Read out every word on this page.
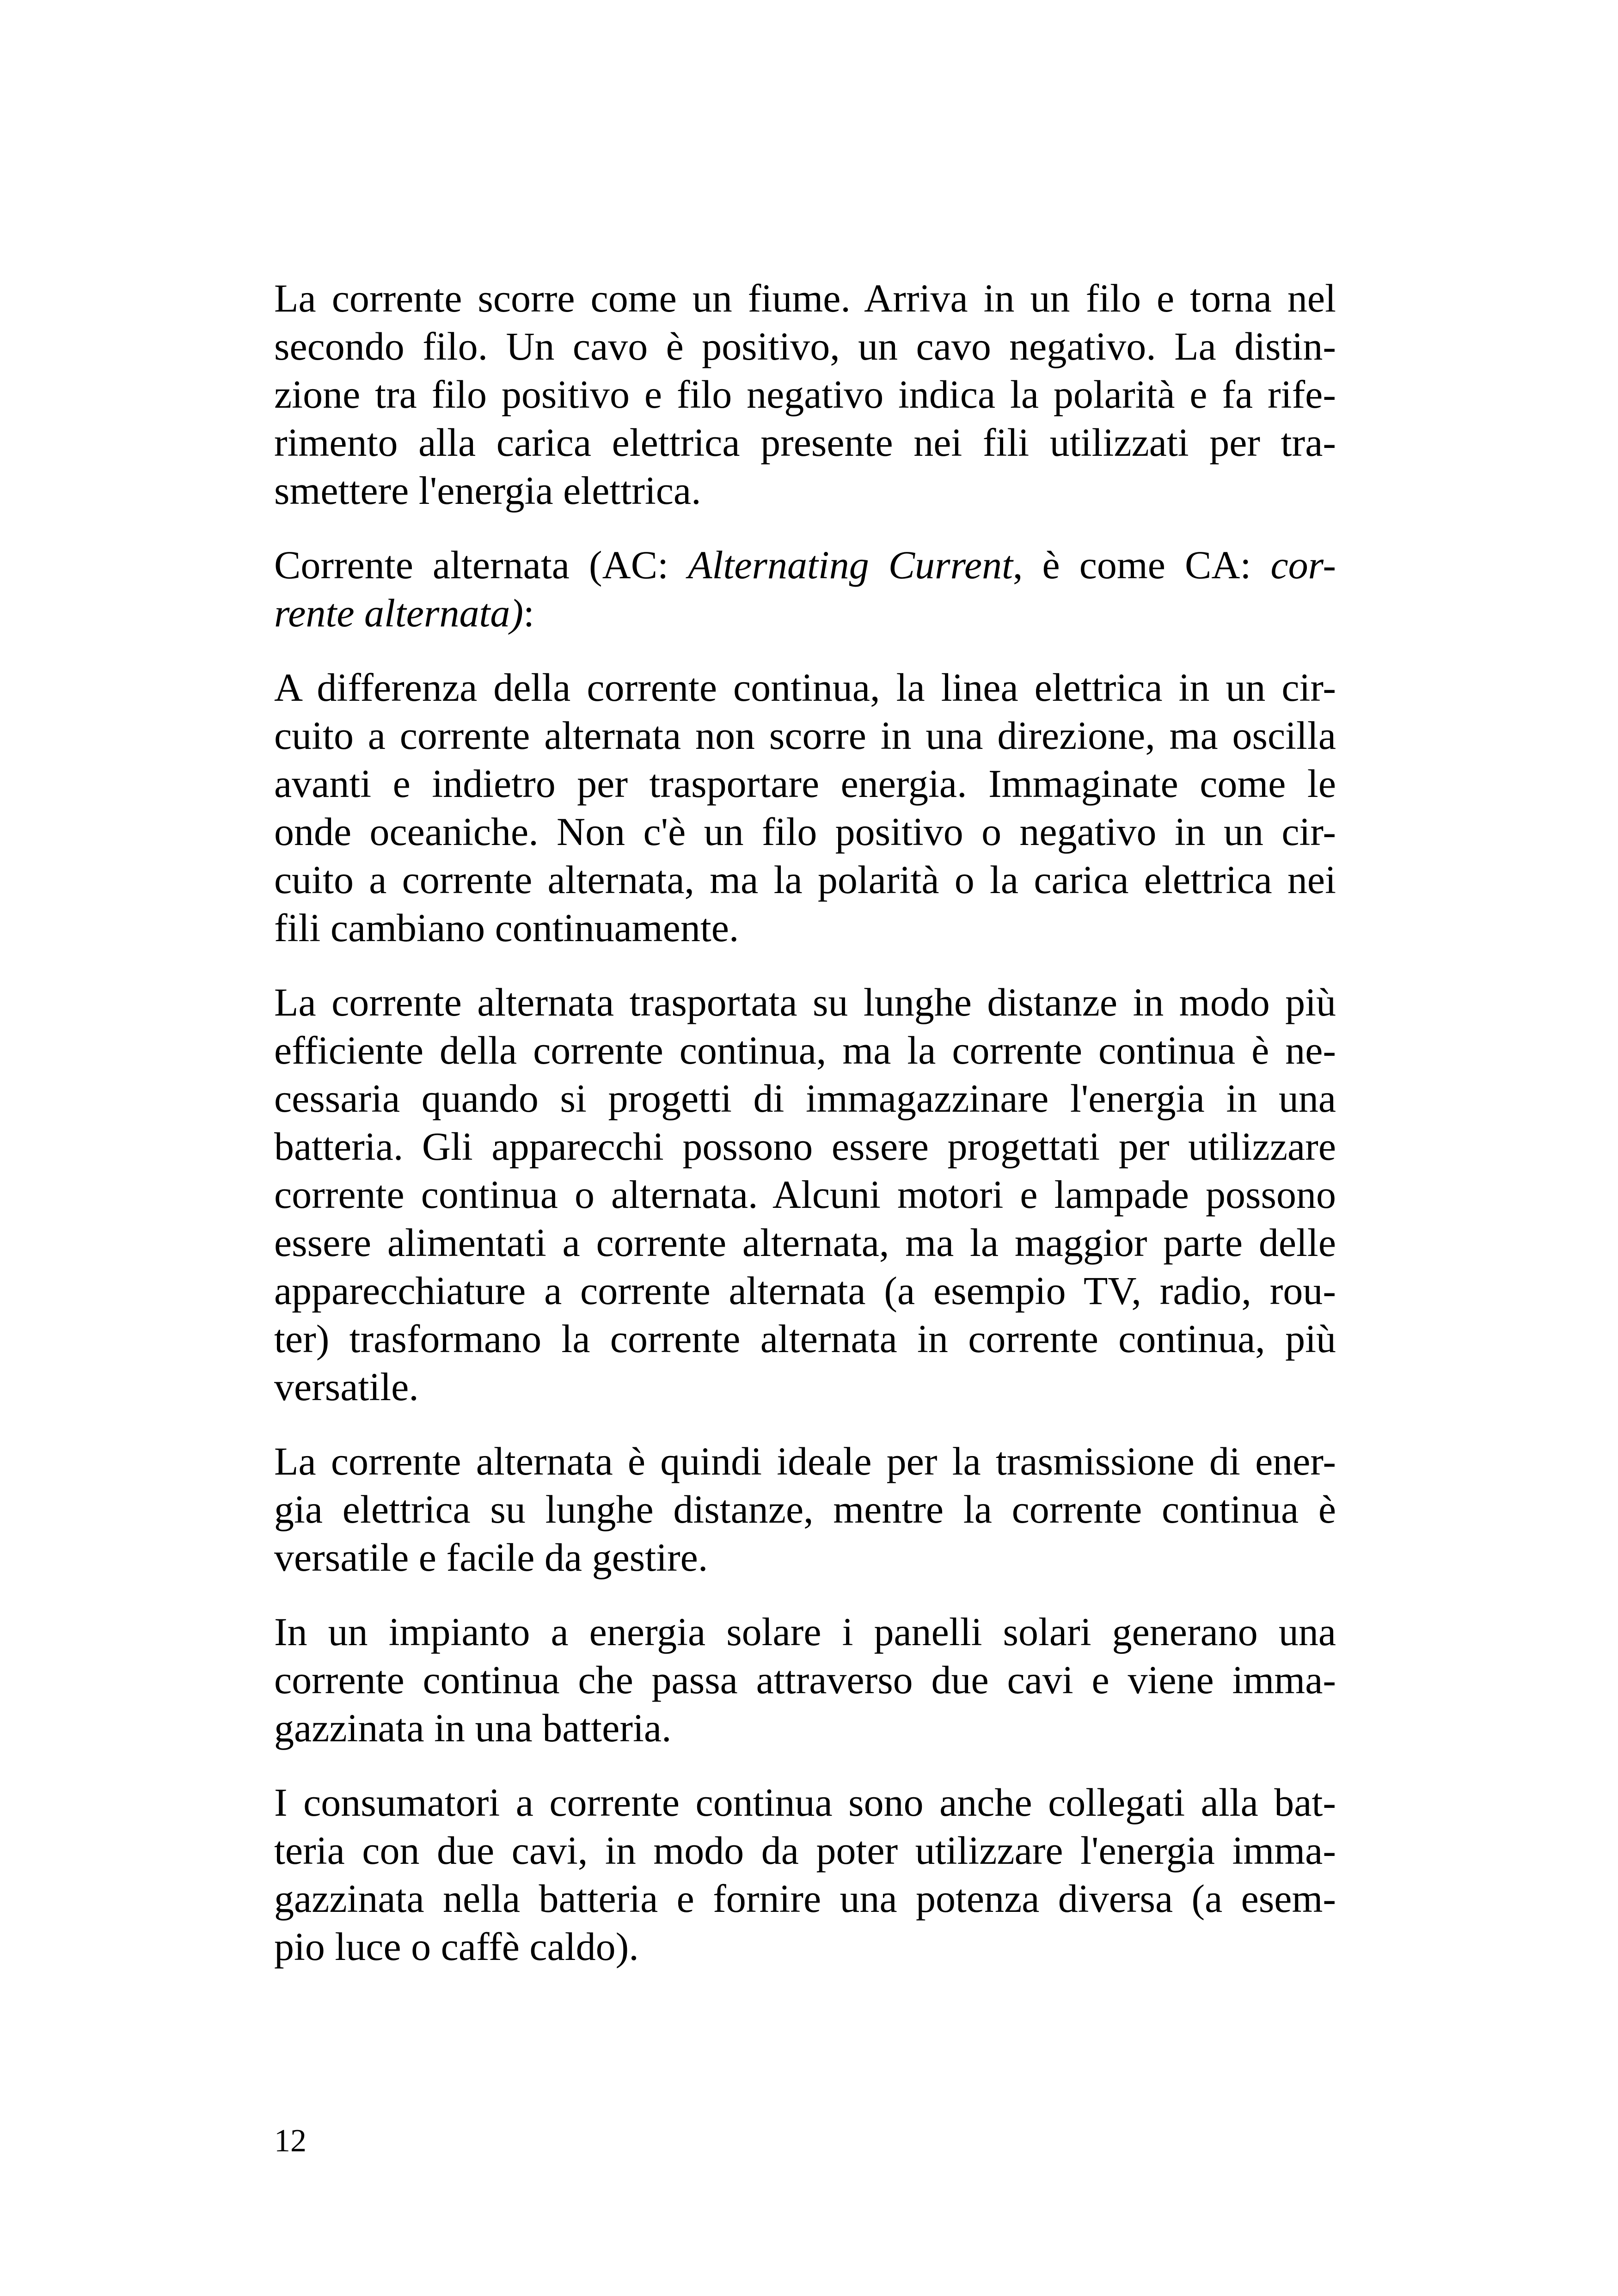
La corrente scorre come un fiume. Arriva in un filo e torna nel
secondo filo. Un cavo è positivo, un cavo negativo. La distin-
zione tra filo positivo e filo negativo indica la polarità e fa rife-
rimento alla carica elettrica presente nei fili utilizzati per tra-
smettere l'energia elettrica.

Corrente alternata (AC: Alternating Current, è come CA: cor-
rente alternata):

A differenza della corrente continua, la linea elettrica in un cir-
cuito a corrente alternata non scorre in una direzione, ma oscilla
avanti e indietro per trasportare energia. Immaginate come le
onde oceaniche. Non c'è un filo positivo o negativo in un cir-
cuito a corrente alternata, ma la polarità o la carica elettrica nei
fili cambiano continuamente.

La corrente alternata trasportata su lunghe distanze in modo più
efficiente della corrente continua, ma la corrente continua è ne-
cessaria quando si progetti di immagazzinare l'energia in una
batteria. Gli apparecchi possono essere progettati per utilizzare
corrente continua o alternata. Alcuni motori e lampade possono
essere alimentati a corrente alternata, ma la maggior parte delle
apparecchiature a corrente alternata (a esempio TV, radio, rou-
ter) trasformano la corrente alternata in corrente continua, più
versatile.

La corrente alternata è quindi ideale per la trasmissione di ener-
gia elettrica su lunghe distanze, mentre la corrente continua è
versatile e facile da gestire.

In un impianto a energia solare i panelli solari generano una
corrente continua che passa attraverso due cavi e viene imma-
gazzinata in una batteria.

I consumatori a corrente continua sono anche collegati alla bat-
teria con due cavi, in modo da poter utilizzare l'energia imma-
gazzinata nella batteria e fornire una potenza diversa (a esem-
pio luce o caffè caldo).

12
